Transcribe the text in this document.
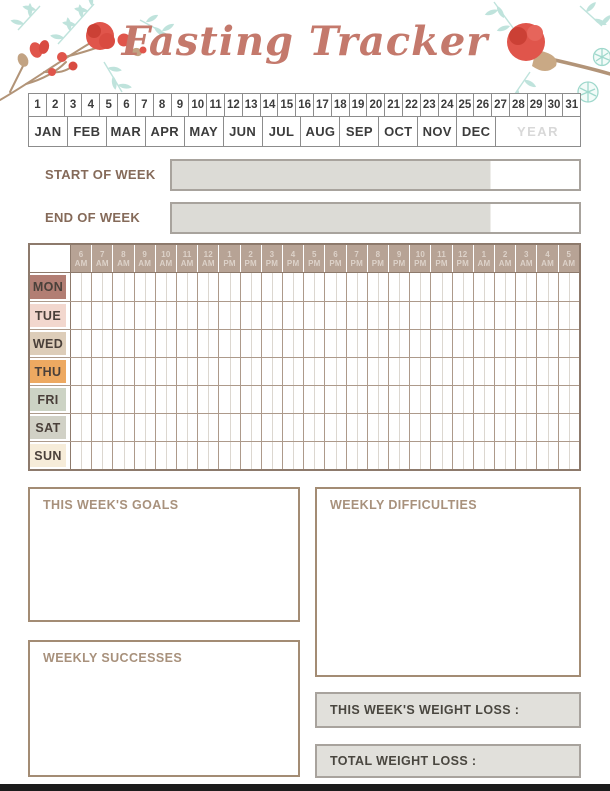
Fasting Tracker
1 2 3 4 5 6 7 8 9 10 11 12 13 14 15 16 17 18 19 20 21 22 23 24 25 26 27 28 29 30 31
JAN FEB MAR APR MAY JUN JUL AUG SEP OCT NOV DEC	YEAR
START OF WEEK
END OF WEEK
6
AM
7
AM
8
AM
9
AM
10
AM
11
AM
12
AM
1
PM
2
PM
3
PM
4
PM
5
PM
6
PM
7
PM
8
PM
9
PM
10
PM
11
PM
12
PM
1
AM
2
AM
3
AM
4
AM
5
AM
MON
TUE
WED
THU
FRI
SAT
SUN
THIS WEEK'S GOALS	WEEKLY DIFFICULTIES
WEEKLY SUCCESSES
THIS WEEK'S WEIGHT LOSS :
TOTAL WEIGHT LOSS :
